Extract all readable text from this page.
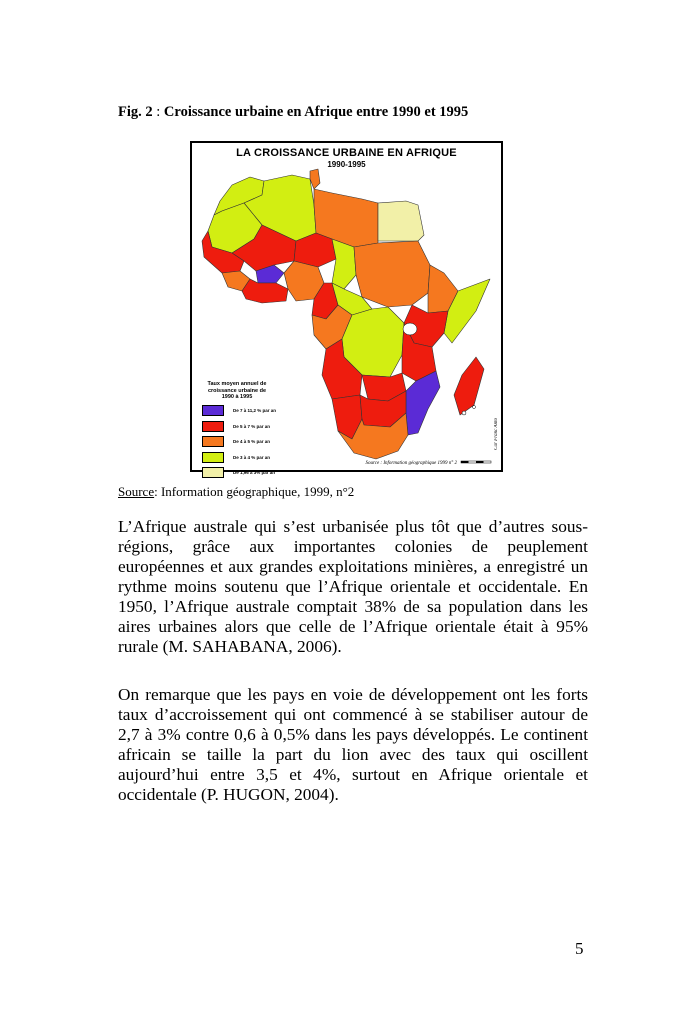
Fig. 2 : Croissance urbaine en Afrique entre 1990 et 1995
LA CROISSANCE URBAINE EN AFRIQUE
1990-1995
Taux moyen annuel de croissance urbaine de 1990 à 1995
De 7 à 11,2 % par an
De 5 à 7 % par an
De 4 à 5 % par an
De 3 à 4 % par an
De 1,96 à 3% par an
Source : Information géographique 1999 n° 2
Car Franc Anto
Source: Information géographique, 1999, n°2

L’Afrique australe qui s’est urbanisée plus tôt que d’autres sous-régions, grâce aux importantes colonies de peuplement européennes et aux grandes exploitations minières, a enregistré un rythme moins soutenu que l’Afrique orientale et occidentale. En 1950, l’Afrique australe comptait 38% de sa population dans les aires urbaines alors que celle de l’Afrique orientale était à 95% rurale (M. SAHABANA, 2006).

On remarque que les pays en voie de développement ont les forts taux d’accroissement qui ont commencé à se stabiliser autour de 2,7 à 3% contre 0,6 à 0,5% dans les pays développés. Le continent africain se taille la part du lion avec des taux qui oscillent aujourd’hui entre 3,5 et 4%, surtout en Afrique orientale et occidentale (P. HUGON, 2004).

5
